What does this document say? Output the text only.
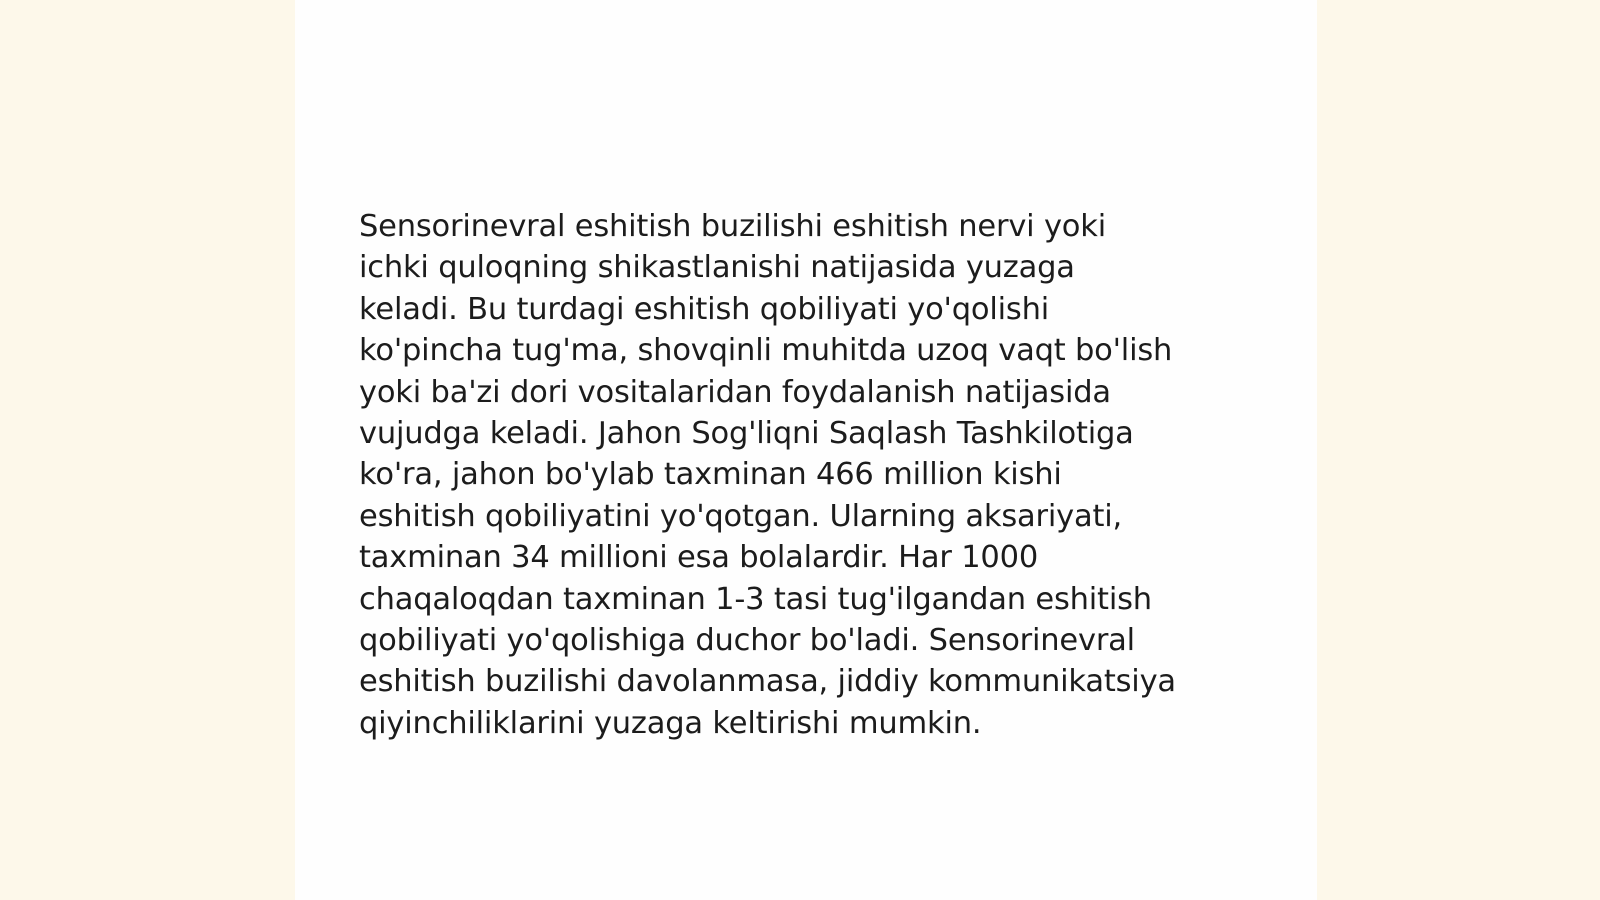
Sensorinevral eshitish buzilishi eshitish nervi yoki
ichki quloqning shikastlanishi natijasida yuzaga
keladi. Bu turdagi eshitish qobiliyati yo'qolishi
ko'pincha tug'ma, shovqinli muhitda uzoq vaqt bo'lish
yoki ba'zi dori vositalaridan foydalanish natijasida
vujudga keladi. Jahon Sog'liqni Saqlash Tashkilotiga
ko'ra, jahon bo'ylab taxminan 466 million kishi
eshitish qobiliyatini yo'qotgan. Ularning aksariyati,
taxminan 34 millioni esa bolalardir. Har 1000
chaqaloqdan taxminan 1-3 tasi tug'ilgandan eshitish
qobiliyati yo'qolishiga duchor bo'ladi. Sensorinevral
eshitish buzilishi davolanmasa, jiddiy kommunikatsiya
qiyinchiliklarini yuzaga keltirishi mumkin.
